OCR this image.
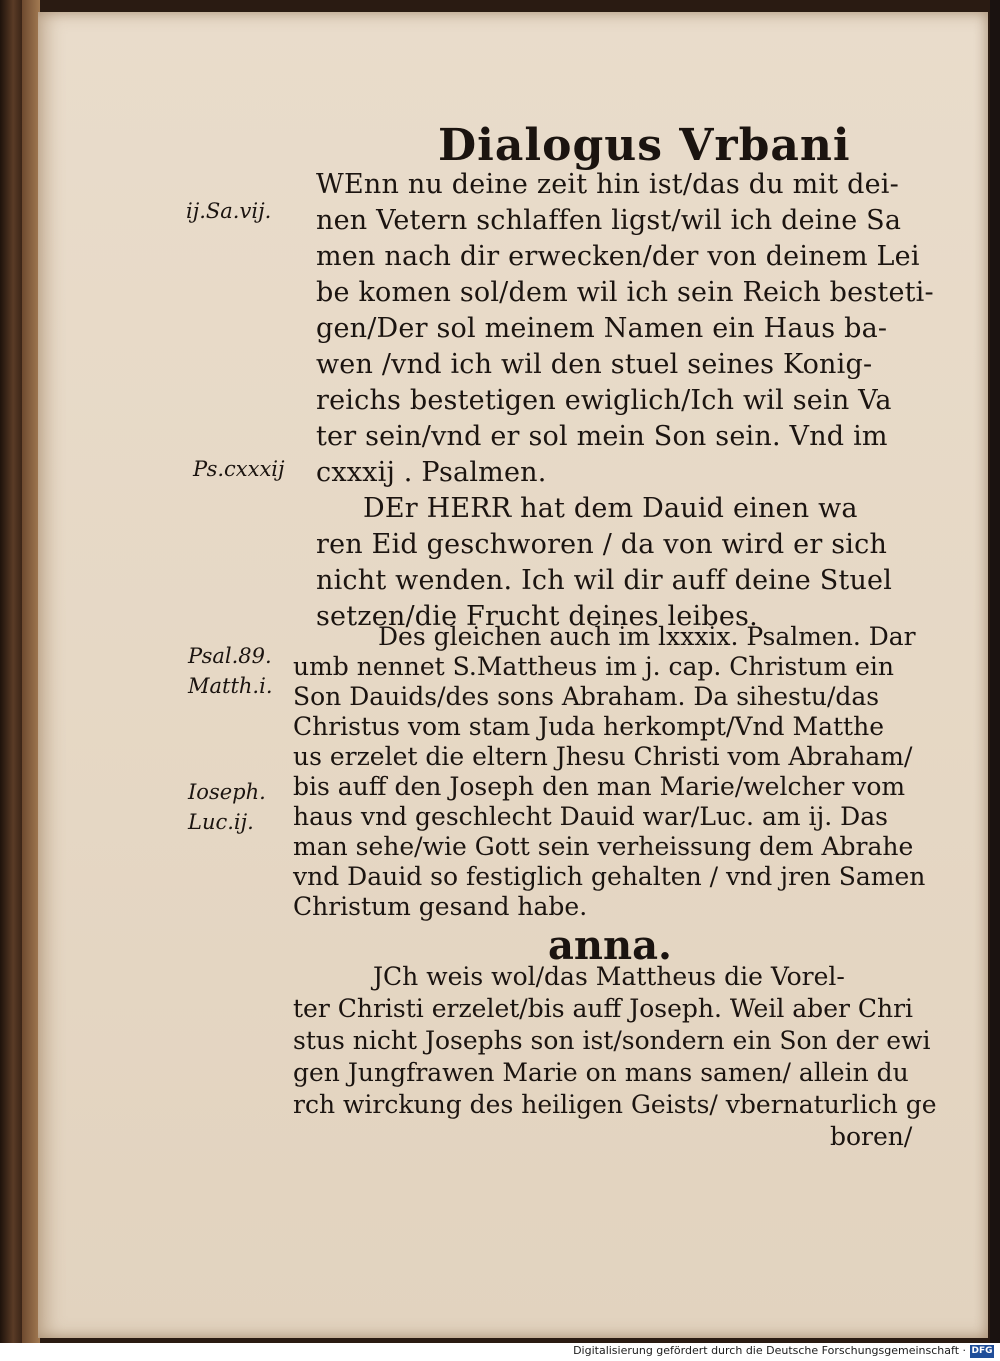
Dialogus Vrbani
ij.Sa.vij.
Ps.cxxxij
Psal.89.
Matth.i.
Ioseph.
Luc.ij.
WEnn nu deine zeit hin ist/das du mit dei-
nen Vetern schlaffen ligst/wil ich deine Sa
men nach dir erwecken/der von deinem Lei
be komen sol/dem wil ich sein Reich besteti-
gen/Der sol meinem Namen ein Haus ba-
wen /vnd ich wil den stuel seines Konig-
reichs bestetigen ewiglich/Ich wil sein Va
ter sein/vnd er sol mein Son sein. Vnd im
cxxxij . Psalmen.
DEr HERR hat dem Dauid einen wa
ren Eid geschworen / da von wird er sich
nicht wenden. Ich wil dir auff deine Stuel
setzen/die Frucht deines leibes.
Des gleichen auch im lxxxix. Psalmen. Dar
umb nennet S.Mattheus im j. cap. Christum ein
Son Dauids/des sons Abraham. Da sihestu/das
Christus vom stam Juda herkompt/Vnd Matthe
us erzelet die eltern Jhesu Christi vom Abraham/
bis auff den Joseph den man Marie/welcher vom
haus vnd geschlecht Dauid war/Luc. am ij. Das
man sehe/wie Gott sein verheissung dem Abrahe
vnd Dauid so festiglich gehalten / vnd jren Samen
Christum gesand habe.
anna.
JCh weis wol/das Mattheus die Vorel-
ter Christi erzelet/bis auff Joseph. Weil aber Chri
stus nicht Josephs son ist/sondern ein Son der ewi
gen Jungfrawen Marie on mans samen/ allein du
rch wirckung des heiligen Geists/ vbernaturlich ge
boren/
Digitalisierung gefördert durch die Deutsche Forschungsgemeinschaft · DFG
